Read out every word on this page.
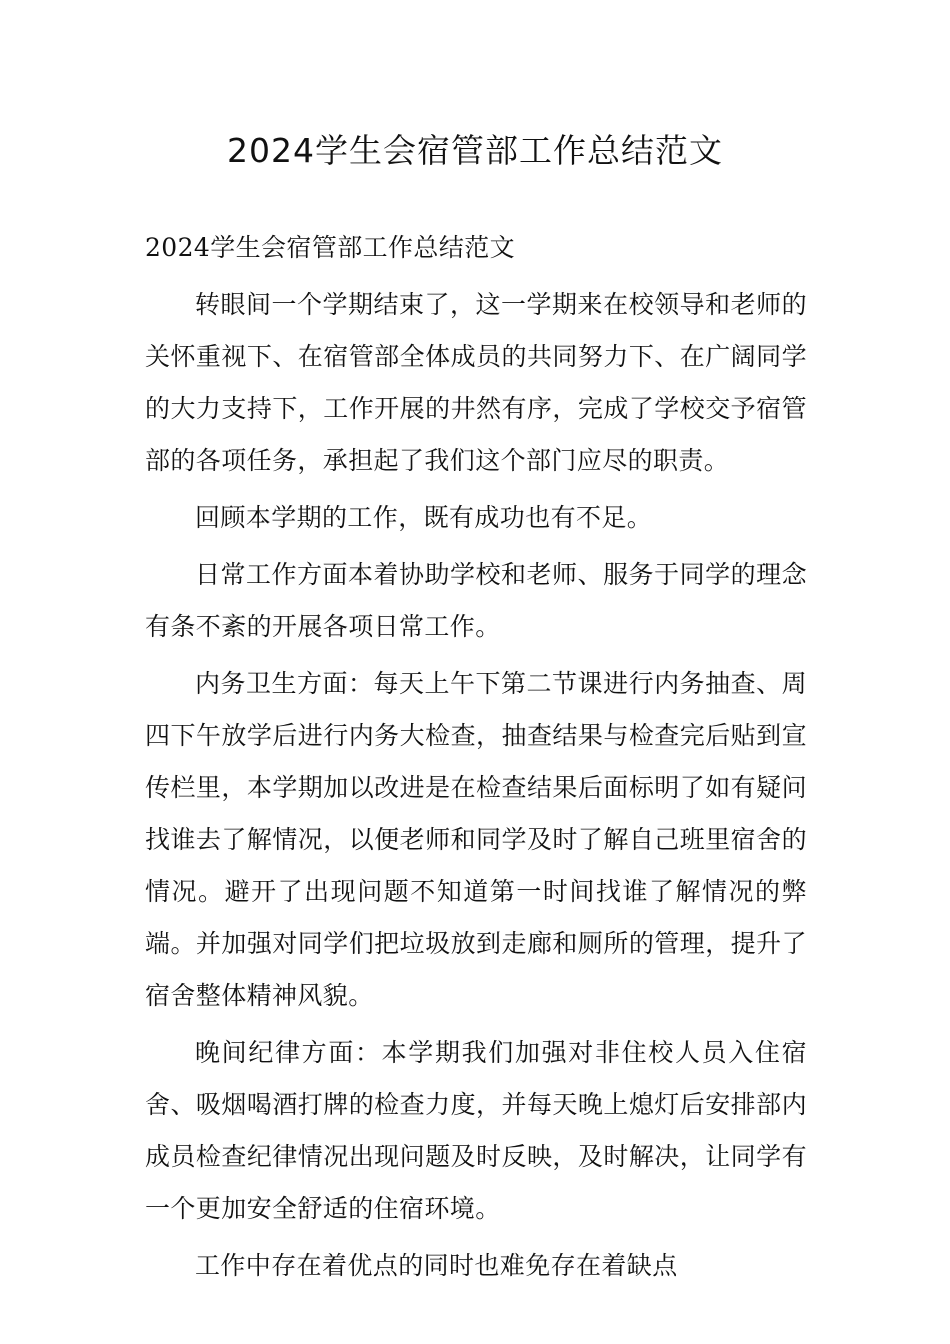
2024学生会宿管部工作总结范文

2024学生会宿管部工作总结范文

转眼间一个学期结束了，这一学期来在校领导和老师的关怀重视下、在宿管部全体成员的共同努力下、在广阔同学的大力支持下，工作开展的井然有序，完成了学校交予宿管部的各项任务，承担起了我们这个部门应尽的职责。

回顾本学期的工作，既有成功也有不足。

日常工作方面本着协助学校和老师、服务于同学的理念有条不紊的开展各项日常工作。

内务卫生方面：每天上午下第二节课进行内务抽查、周四下午放学后进行内务大检查，抽查结果与检查完后贴到宣传栏里，本学期加以改进是在检查结果后面标明了如有疑问找谁去了解情况，以便老师和同学及时了解自己班里宿舍的情况。避开了出现问题不知道第一时间找谁了解情况的弊端。并加强对同学们把垃圾放到走廊和厕所的管理，提升了宿舍整体精神风貌。

晚间纪律方面：本学期我们加强对非住校人员入住宿舍、吸烟喝酒打牌的检查力度，并每天晚上熄灯后安排部内成员检查纪律情况出现问题及时反映，及时解决，让同学有一个更加安全舒适的住宿环境。

工作中存在着优点的同时也难免存在着缺点
